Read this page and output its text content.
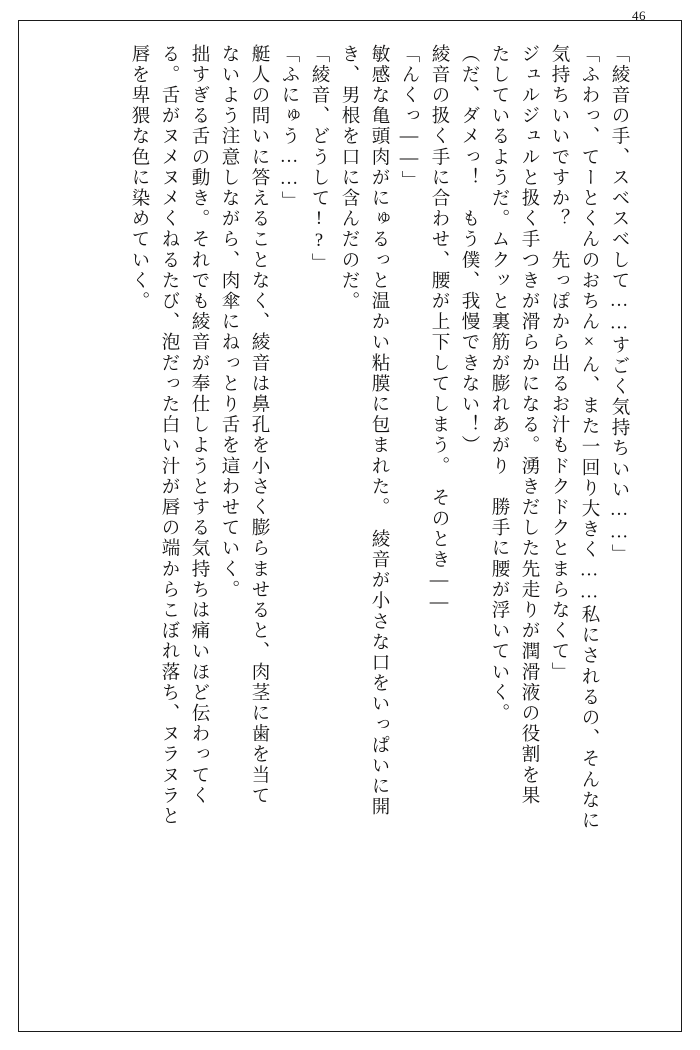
46
「綾音の手、スベスベして……すごく気持ちいい……」
「ふわっ、てーとくんのおちん×ん、また一回り大きく……私にされるの、そんなに
気持ちいいですか？　先っぽから出るお汁もドクドクとまらなくて」
ジュルジュルと扱く手つきが滑らかになる。湧きだした先走りが潤滑液の役割を果
たしているようだ。ムクッと裏筋が膨れあがり　勝手に腰が浮いていく。
（だ、ダメっ！　もう僕、我慢できない！）
綾音の扱く手に合わせ、腰が上下してしまう。　そのとき——
「んくっ——」
敏感な亀頭肉がにゅるっと温かい粘膜に包まれた。　綾音が小さな口をいっぱいに開
き、男根を口に含んだのだ。
「綾音、どうして!?」
「ふにゅう……」
艇人の問いに答えることなく、綾音は鼻孔を小さく膨らませると、肉茎に歯を当て
ないよう注意しながら、肉傘にねっとり舌を這わせていく。
拙すぎる舌の動き。それでも綾音が奉仕しようとする気持ちは痛いほど伝わってく
る。舌がヌメヌメくねるたび、泡だった白い汁が唇の端からこぼれ落ち、ヌラヌラと
唇を卑猥な色に染めていく。
